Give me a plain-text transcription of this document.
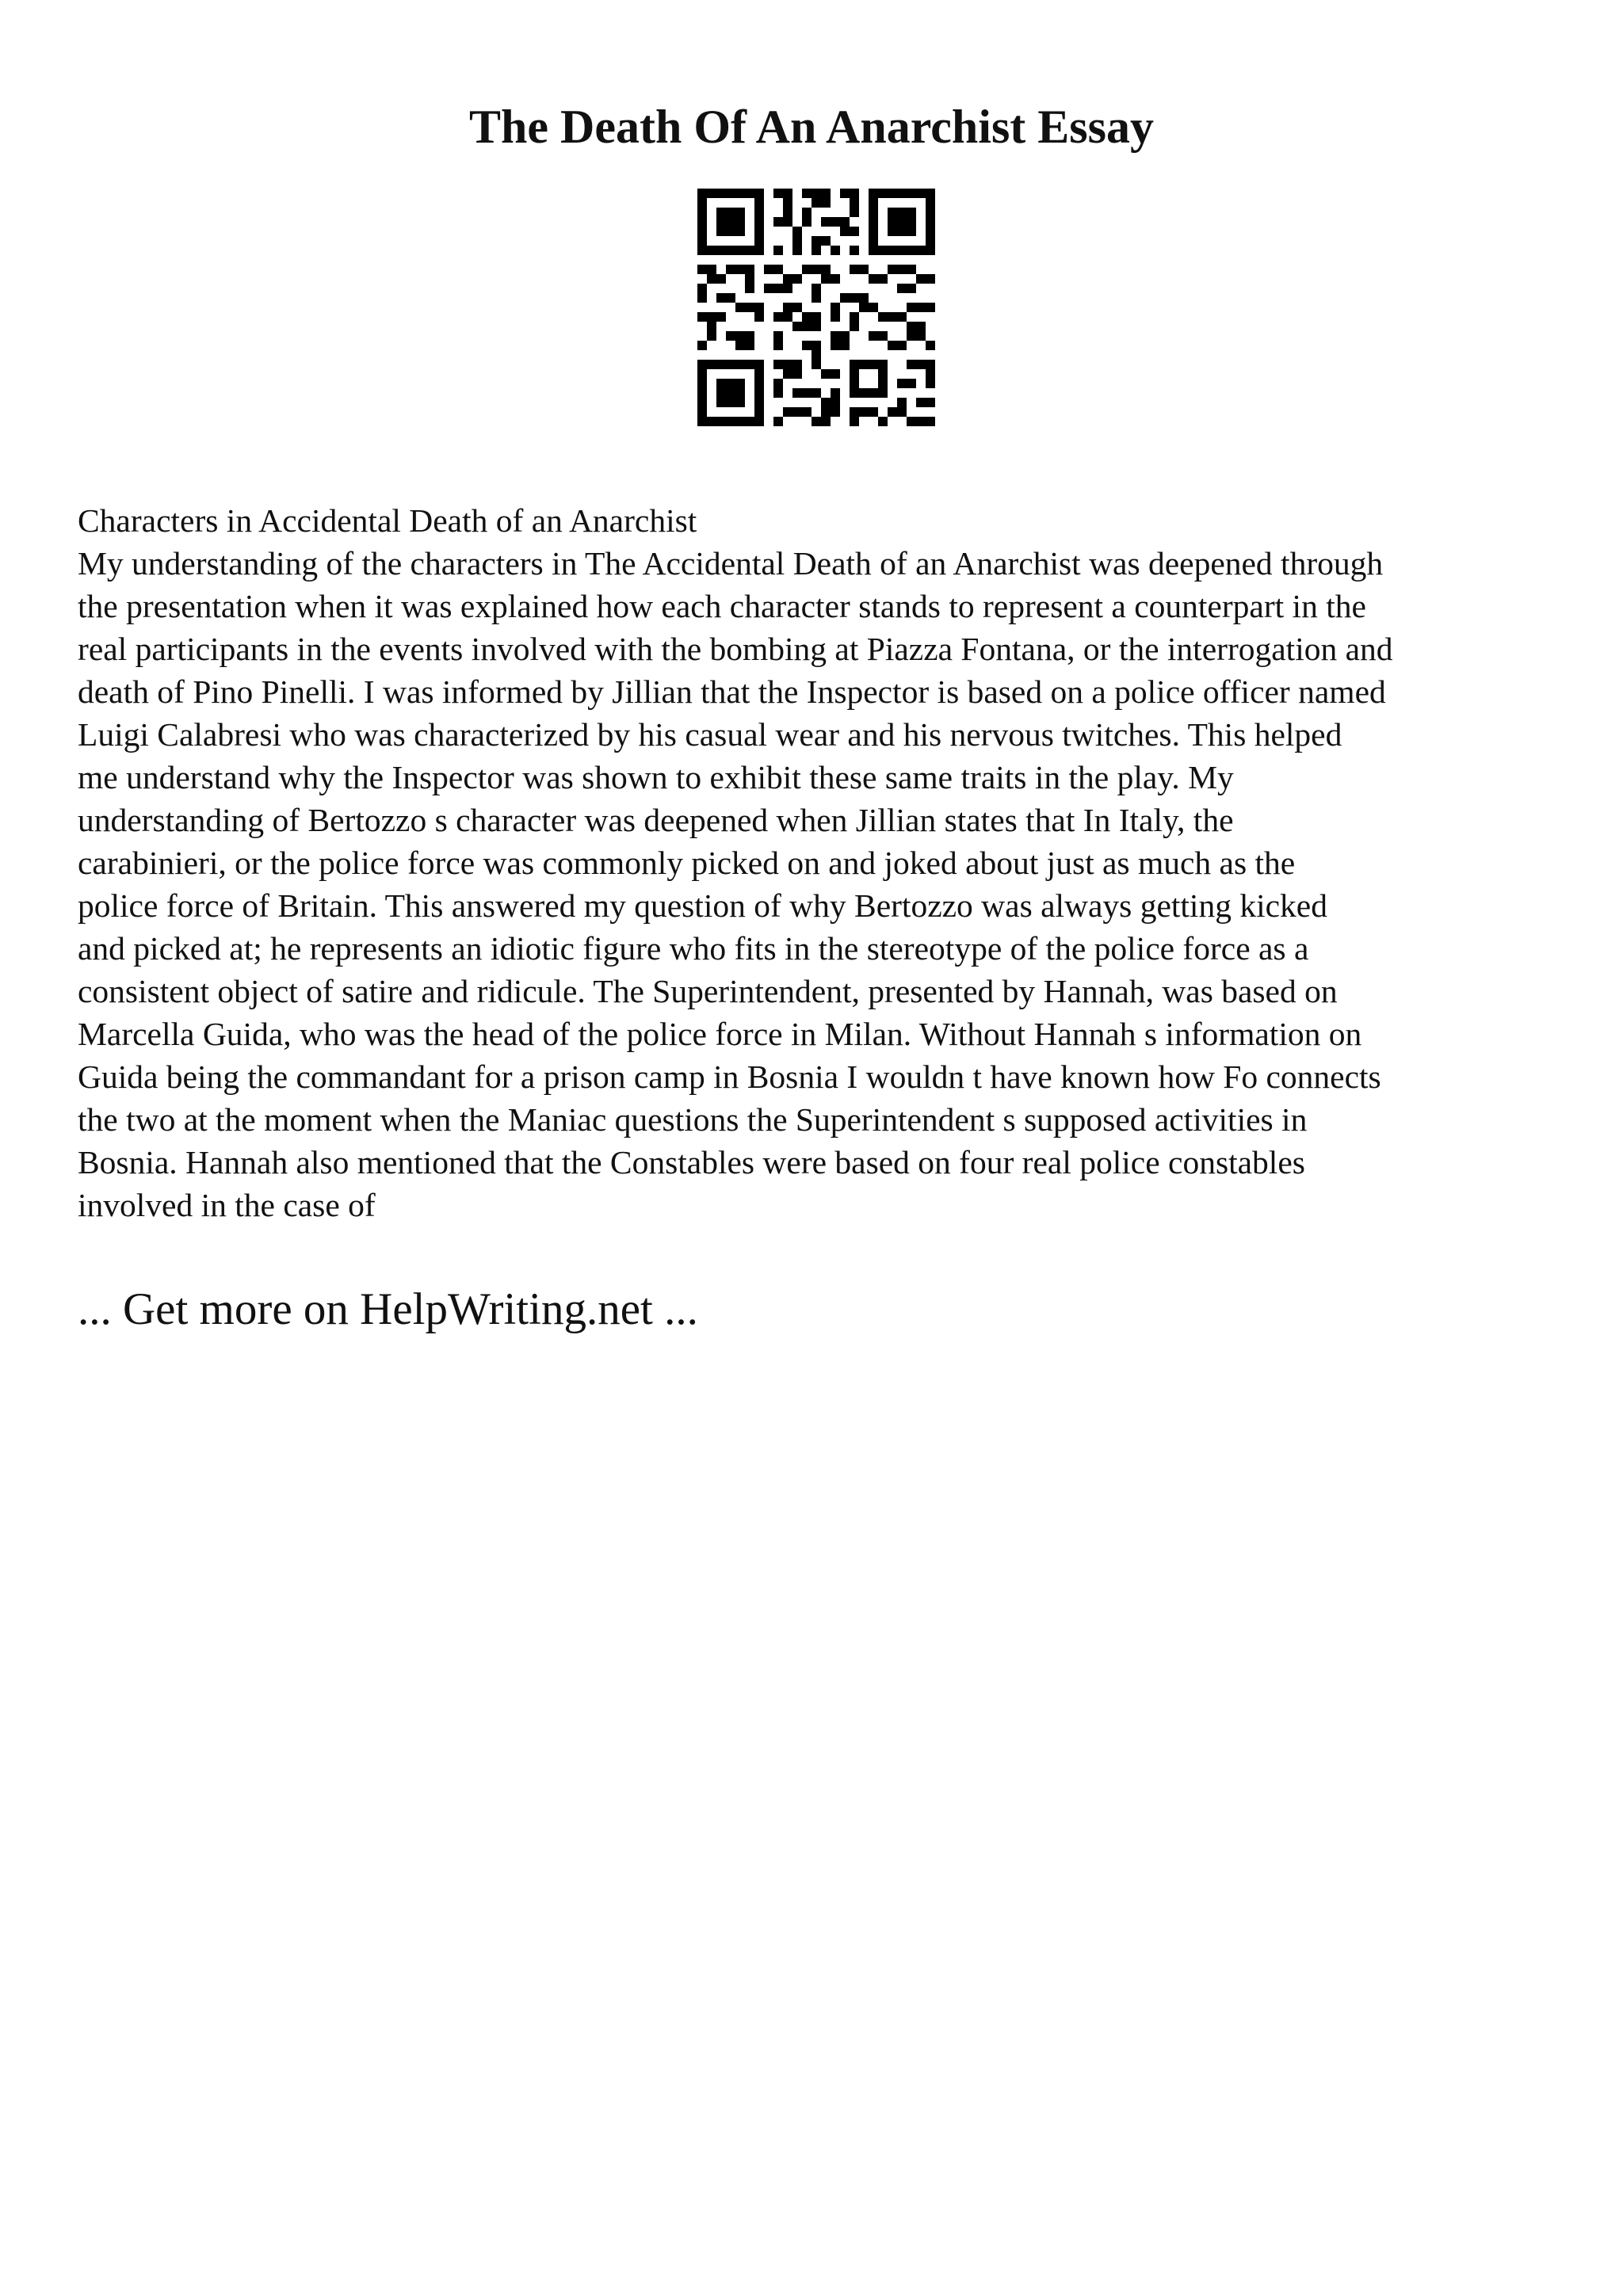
The Death Of An Anarchist Essay
Characters in Accidental Death of an Anarchist
My understanding of the characters in The Accidental Death of an Anarchist was deepened through
the presentation when it was explained how each character stands to represent a counterpart in the
real participants in the events involved with the bombing at Piazza Fontana, or the interrogation and
death of Pino Pinelli. I was informed by Jillian that the Inspector is based on a police officer named
Luigi Calabresi who was characterized by his casual wear and his nervous twitches. This helped
me understand why the Inspector was shown to exhibit these same traits in the play. My
understanding of Bertozzo s character was deepened when Jillian states that In Italy, the
carabinieri, or the police force was commonly picked on and joked about just as much as the
police force of Britain. This answered my question of why Bertozzo was always getting kicked
and picked at; he represents an idiotic figure who fits in the stereotype of the police force as a
consistent object of satire and ridicule. The Superintendent, presented by Hannah, was based on
Marcella Guida, who was the head of the police force in Milan. Without Hannah s information on
Guida being the commandant for a prison camp in Bosnia I wouldn t have known how Fo connects
the two at the moment when the Maniac questions the Superintendent s supposed activities in
Bosnia. Hannah also mentioned that the Constables were based on four real police constables
involved in the case of
... Get more on HelpWriting.net ...
